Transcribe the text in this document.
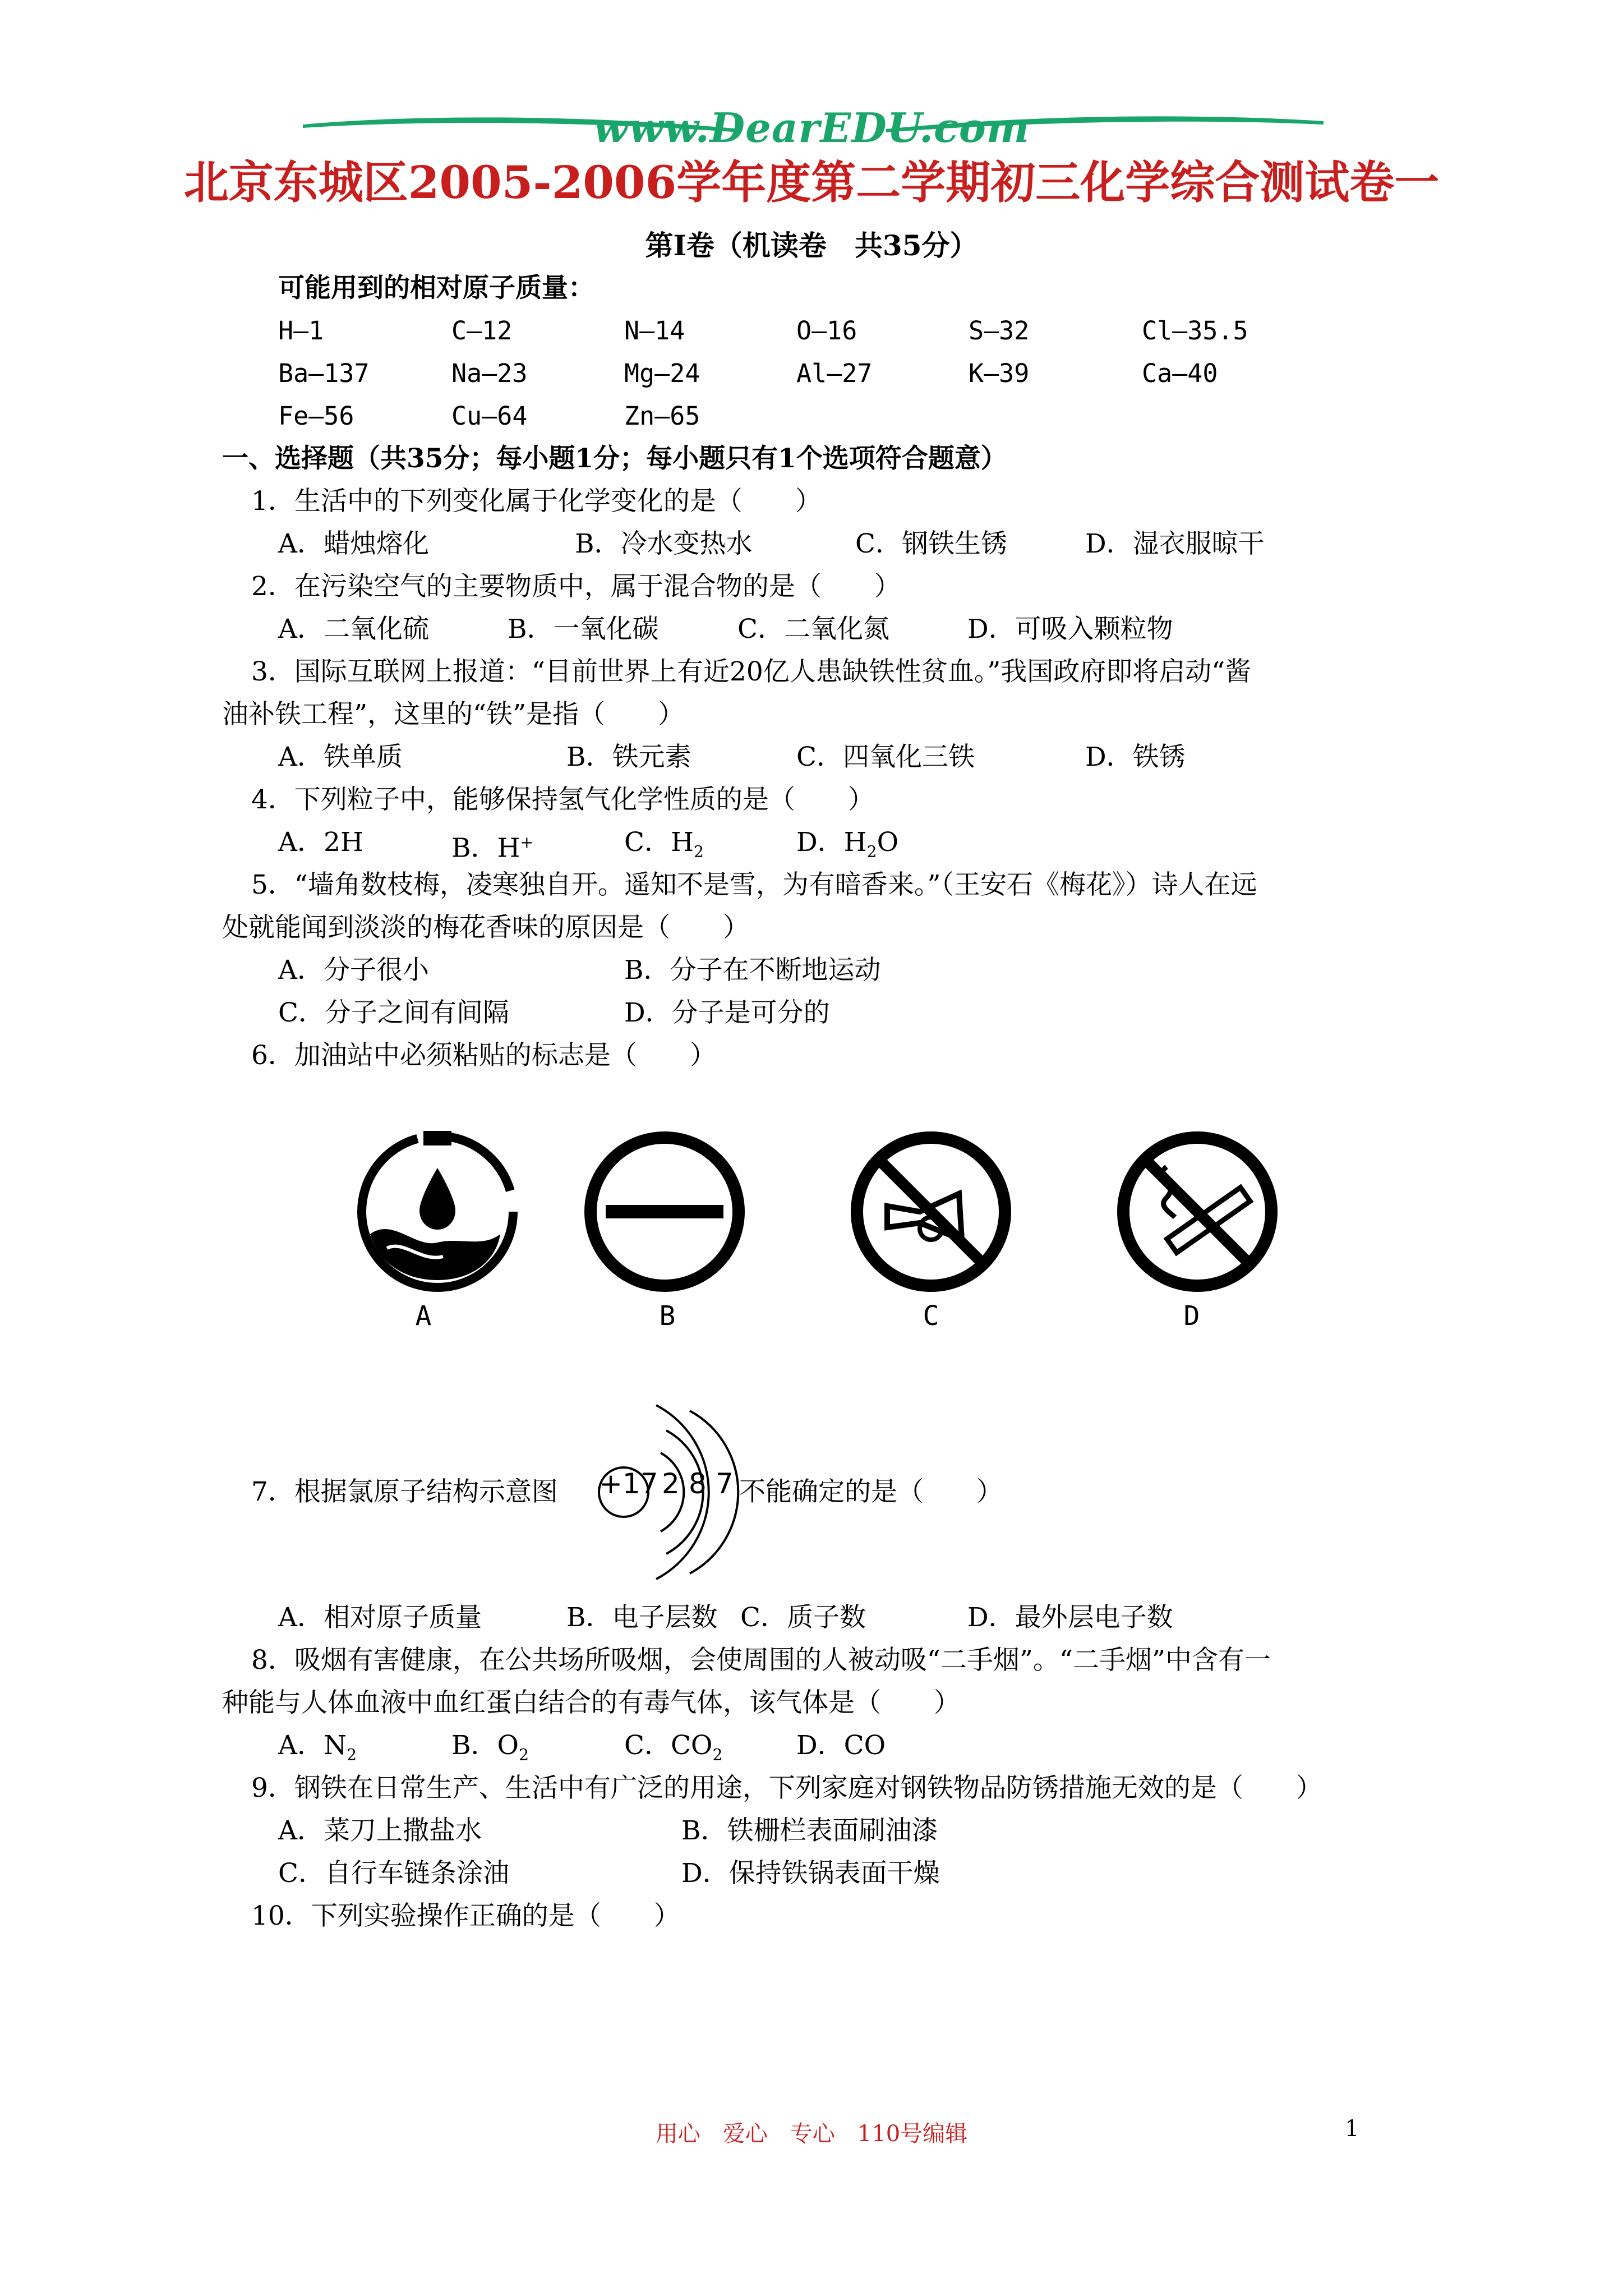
www.DearEDU.com
北京东城区2005-2006学年度第二学期初三化学综合测试卷一
第Ⅰ卷（机读卷　共35分）
可能用到的相对原子质量：
H—1	C—12	N—14	O—16	S—32	Cl—35.5
Ba—137	Na—23	Mg—24	Al—27	K—39	Ca—40
Fe—56	Cu—64	Zn—65
一、选择题（共35分；每小题1分；每小题只有1个选项符合题意）
1．生活中的下列变化属于化学变化的是（　　）
A．蜡烛熔化	B．冷水变热水	C．钢铁生锈	D．湿衣服晾干
2．在污染空气的主要物质中，属于混合物的是（　　）
A．二氧化硫	B．一氧化碳	C．二氧化氮	D．可吸入颗粒物
3．国际互联网上报道：“目前世界上有近20亿人患缺铁性贫血。”我国政府即将启动“酱
油补铁工程”，这里的“铁”是指（　　）
A．铁单质	B．铁元素	C．四氧化三铁	D．铁锈
4．下列粒子中，能够保持氢气化学性质的是（　　）
A．2H	B．H+	C．$H_2$	D．$H_2O$
5．“墙角数枝梅，凌寒独自开。遥知不是雪，为有暗香来。”（王安石《梅花》）诗人在远
处就能闻到淡淡的梅花香味的原因是（　　）
A．分子很小	B．分子在不断地运动
C．分子之间有间隔	D．分子是可分的
6．加油站中必须粘贴的标志是（　　）
A	B	C	D
7．根据氯原子结构示意图 +17 2 8 7 不能确定的是（　　）
A．相对原子质量	B．电子层数 C．质子数	D．最外层电子数
8．吸烟有害健康，在公共场所吸烟，会使周围的人被动吸“二手烟”。“二手烟”中含有一
种能与人体血液中血红蛋白结合的有毒气体，该气体是（　　）
A．$N_2$	B．$O_2$	C．$CO_2$	D．CO
9．钢铁在日常生产、生活中有广泛的用途，下列家庭对钢铁物品防锈措施无效的是（　　）
A．菜刀上撒盐水	B．铁栅栏表面刷油漆
C．自行车链条涂油	D．保持铁锅表面干燥
10．下列实验操作正确的是（　　）
用心　爱心　专心　110号编辑	1
